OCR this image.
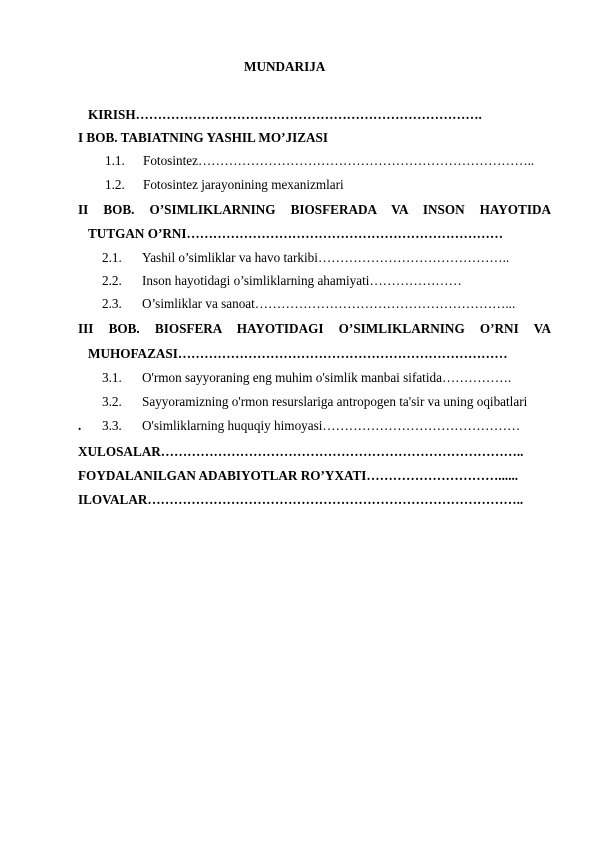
MUNDARIJA
KIRISH…………………………………………………………………….
I BOB. TABIATNING YASHIL MO’JIZASI
1.1. Fotosintez…………………………………………………………………..
1.2. Fotosintez jarayonining mexanizmlari
II BOB. O’SIMLIKLARNING BIOSFERADA VA INSON HAYOTIDA
TUTGAN O’RNI………………………………………………………………
2.1. Yashil o’simliklar va havo tarkibi……………………………………..
2.2. Inson hayotidagi o’simliklarning ahamiyati…………………
2.3. O’simliklar va sanoat…………………………………………………...
III BOB. BIOSFERA HAYOTIDAGI O’SIMLIKLARNING O’RNI VA
MUHOFAZASI…………………………………………………………………
3.1. O'rmon sayyoraning eng muhim o'simlik manbai sifatida…………….
3.2. Sayyoramizning o'rmon resurslariga antropogen ta'sir va uning oqibatlari
. 3.3. O'simliklarning huquqiy himoyasi………………………………………
XULOSALAR………………………………………………………………………..
FOYDALANILGAN ADABIYOTLAR RO’YXATI…………………………......
ILOVALAR…………………………………………………………………………..
